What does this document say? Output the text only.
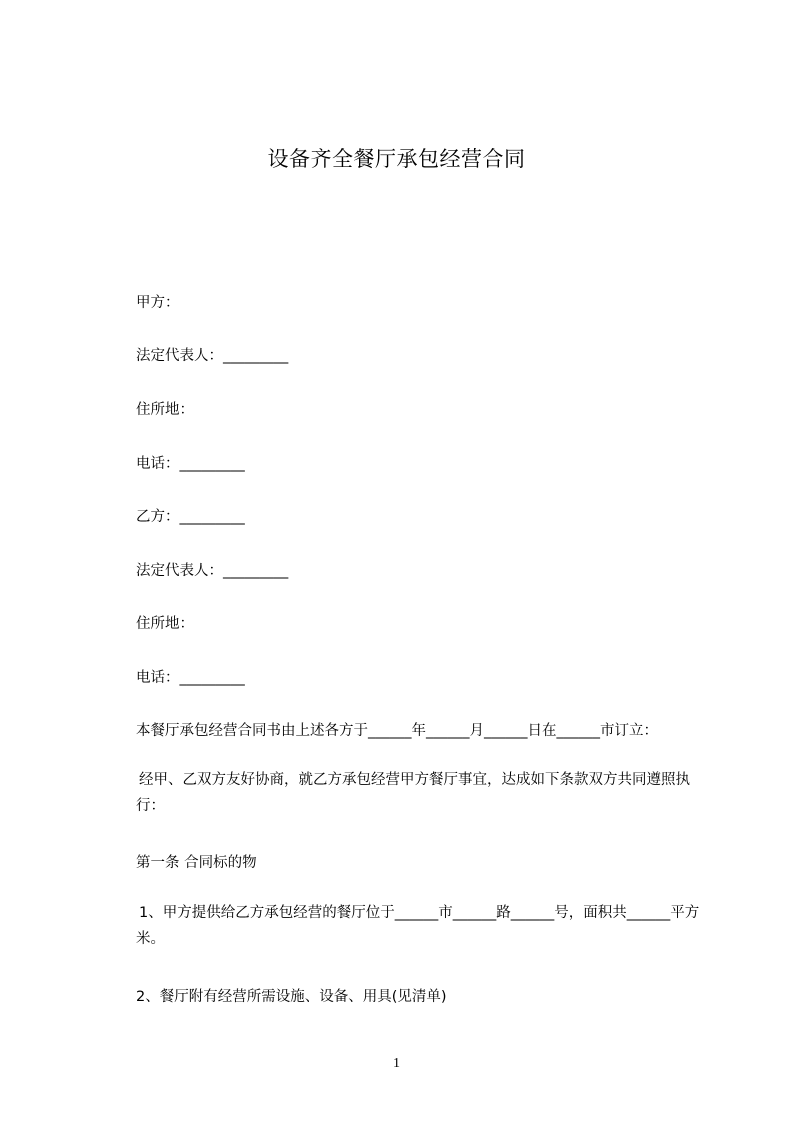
设备齐全餐厅承包经营合同

甲方：

法定代表人：_________

住所地：

电话：_________

乙方：_________

法定代表人：_________

住所地：

电话：_________

本餐厅承包经营合同书由上述各方于______年______月______日在______市订立：

经甲、乙双方友好协商，就乙方承包经营甲方餐厅事宜，达成如下条款双方共同遵照执行：

第一条 合同标的物

1、甲方提供给乙方承包经营的餐厅位于______市______路______号，面积共______平方米。

2、餐厅附有经营所需设施、设备、用具(见清单)

1
